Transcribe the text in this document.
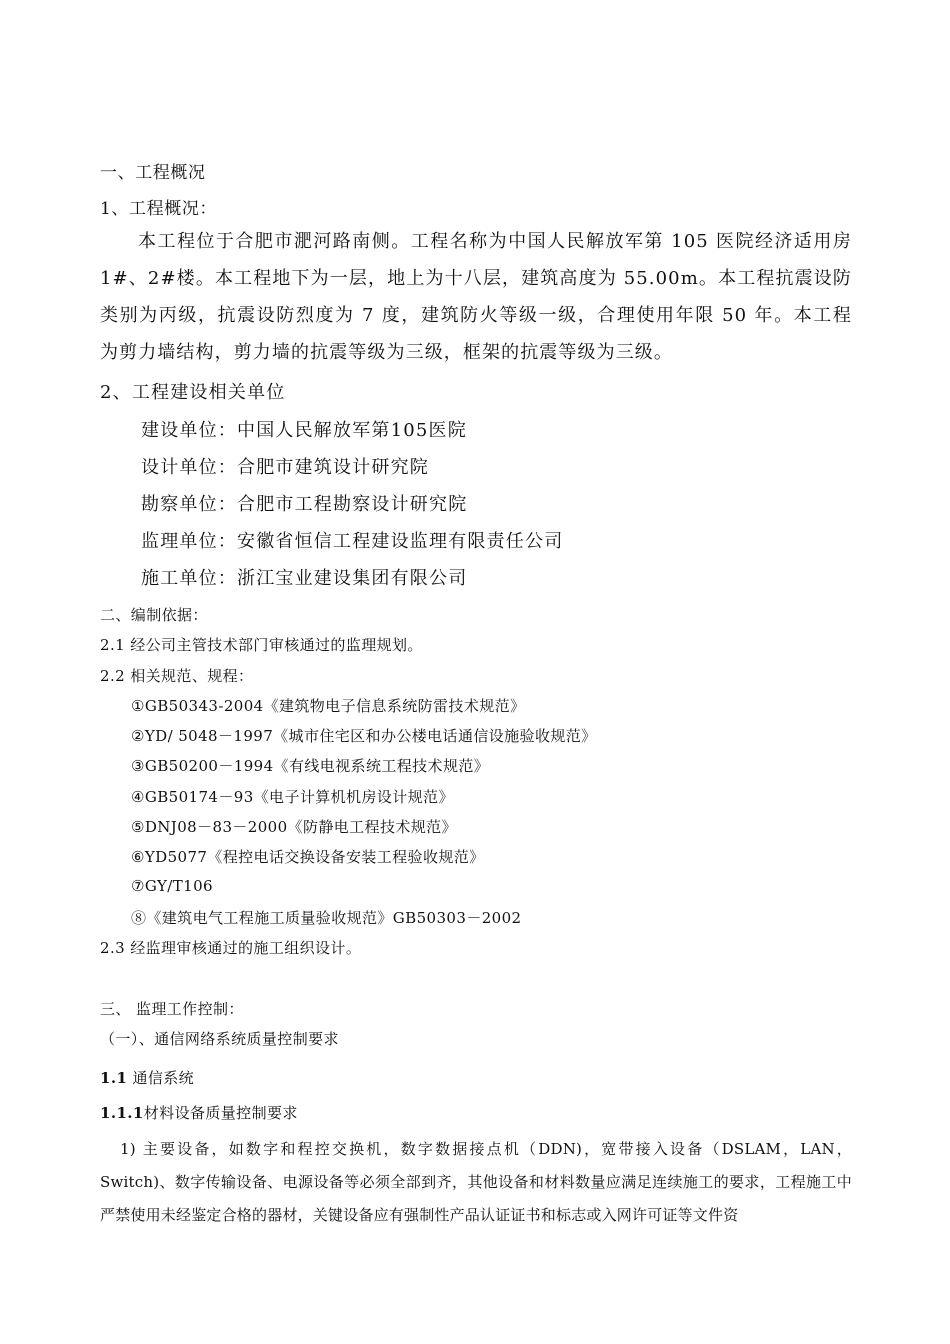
一、工程概况
1、工程概况：
本工程位于合肥市淝河路南侧。工程名称为中国人民解放军第 105 医院经济适用房 1#、2#楼。本工程地下为一层，地上为十八层，建筑高度为 55.00m。本工程抗震设防类别为丙级，抗震设防烈度为 7 度，建筑防火等级一级，合理使用年限 50 年。本工程为剪力墙结构，剪力墙的抗震等级为三级，框架的抗震等级为三级。
2、工程建设相关单位
建设单位：中国人民解放军第105医院
设计单位：合肥市建筑设计研究院
勘察单位：合肥市工程勘察设计研究院
监理单位：安徽省恒信工程建设监理有限责任公司
施工单位：浙江宝业建设集团有限公司
二、编制依据：
2.1 经公司主管技术部门审核通过的监理规划。
2.2 相关规范、规程：
①GB50343-2004《建筑物电子信息系统防雷技术规范》
②YD/ 5048－1997《城市住宅区和办公楼电话通信设施验收规范》
③GB50200－1994《有线电视系统工程技术规范》
④GB50174－93《电子计算机机房设计规范》
⑤DNJ08－83－2000《防静电工程技术规范》
⑥YD5077《程控电话交换设备安装工程验收规范》
⑦GY/T106
⑧《建筑电气工程施工质量验收规范》GB50303－2002
2.3 经监理审核通过的施工组织设计。
三、 监理工作控制：
（一）、通信网络系统质量控制要求
1.1 通信系统
1.1.1材料设备质量控制要求
1) 主要设备，如数字和程控交换机，数字数据接点机（DDN)，宽带接入设备（DSLAM，LAN，Switch)、数字传输设备、电源设备等必须全部到齐，其他设备和材料数量应满足连续施工的要求，工程施工中严禁使用未经鉴定合格的器材，关键设备应有强制性产品认证证书和标志或入网许可证等文件资
